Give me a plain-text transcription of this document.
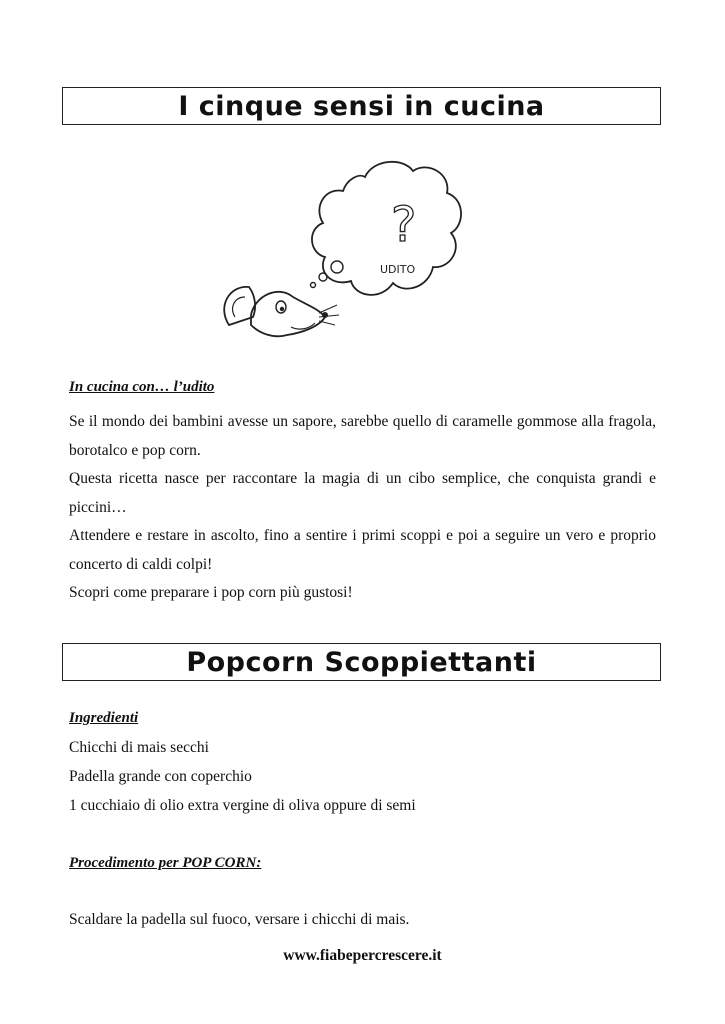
I cinque sensi in cucina
?
UDITO
In cucina con… l’udito

Se il mondo dei bambini avesse un sapore, sarebbe quello di caramelle gommose alla fragola, borotalco e pop corn.

Questa ricetta nasce per raccontare la magia di un cibo semplice, che conquista grandi e piccini…

Attendere e restare in ascolto, fino a sentire i primi scoppi e poi a seguire un vero e proprio concerto di caldi colpi!

Scopri come preparare i pop corn più gustosi!

Popcorn Scoppiettanti
Ingredienti
Chicchi di mais secchi
Padella grande con coperchio
1 cucchiaio di olio extra vergine di oliva oppure di semi
Procedimento per POP CORN:
Scaldare la padella sul fuoco, versare i chicchi di mais.
www.fiabepercrescere.it
